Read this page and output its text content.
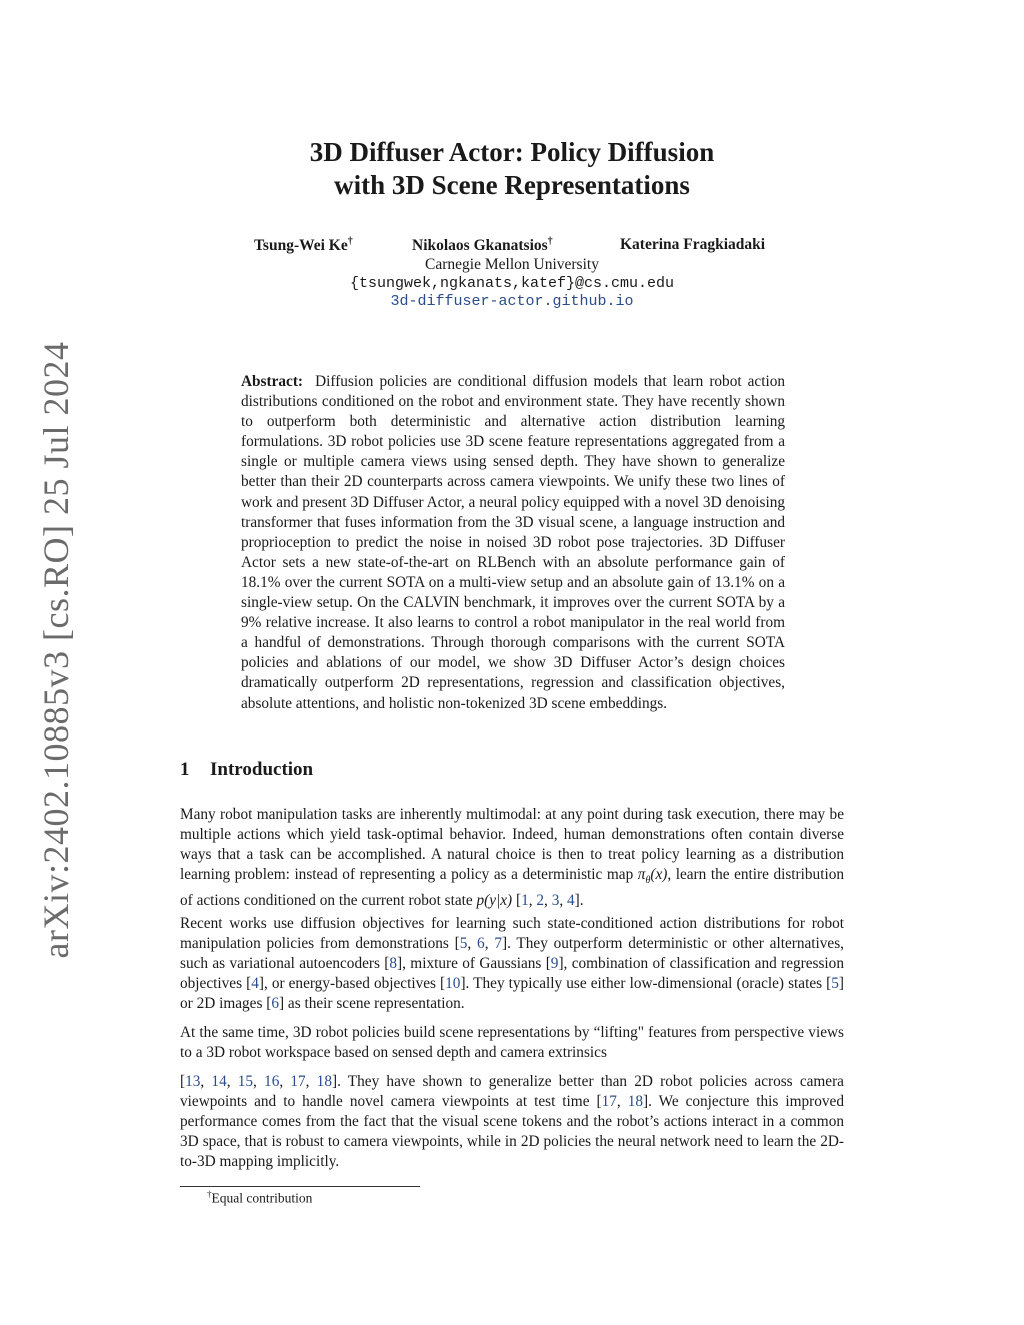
arXiv:2402.10885v3 [cs.RO] 25 Jul 2024
3D Diffuser Actor: Policy Diffusion
with 3D Scene Representations
Tsung-Wei Ke†	Nikolaos Gkanatsios†	Katerina Fragkiadaki
Carnegie Mellon University
{tsungwek,ngkanats,katef}@cs.cmu.edu
3d-diffuser-actor.github.io
Abstract: Diffusion policies are conditional diffusion models that learn robot action distributions conditioned on the robot and environment state. They have recently shown to outperform both deterministic and alternative action distribution learning formulations. 3D robot policies use 3D scene feature representations aggregated from a single or multiple camera views using sensed depth. They have shown to generalize better than their 2D counterparts across camera viewpoints. We unify these two lines of work and present 3D Diffuser Actor, a neural policy equipped with a novel 3D denoising transformer that fuses information from the 3D visual scene, a language instruction and proprioception to predict the noise in noised 3D robot pose trajectories. 3D Diffuser Actor sets a new state-of-the-art on RLBench with an absolute performance gain of 18.1% over the current SOTA on a multi-view setup and an absolute gain of 13.1% on a single-view setup. On the CALVIN benchmark, it improves over the current SOTA by a 9% relative increase. It also learns to control a robot manipulator in the real world from a handful of demonstrations. Through thorough comparisons with the current SOTA policies and ablations of our model, we show 3D Diffuser Actor’s design choices dramatically outperform 2D representations, regression and classification objectives, absolute attentions, and holistic non-tokenized 3D scene embeddings.
1 Introduction

Many robot manipulation tasks are inherently multimodal: at any point during task execution, there may be multiple actions which yield task-optimal behavior. Indeed, human demonstrations often contain diverse ways that a task can be accomplished. A natural choice is then to treat policy learning as a distribution learning problem: instead of representing a policy as a deterministic map $\pi_\theta(x)$, learn the entire distribution of actions conditioned on the current robot state p(y|x) [1, 2, 3, 4].

Recent works use diffusion objectives for learning such state-conditioned action distributions for robot manipulation policies from demonstrations [5, 6, 7]. They outperform deterministic or other alternatives, such as variational autoencoders [8], mixture of Gaussians [9], combination of classification and regression objectives [4], or energy-based objectives [10]. They typically use either low-dimensional (oracle) states [5] or 2D images [6] as their scene representation.

At the same time, 3D robot policies build scene representations by “lifting" features from perspective views to a 3D robot workspace based on sensed depth and camera extrinsics

[13, 14, 15, 16, 17, 18]. They have shown to generalize better than 2D robot policies across camera viewpoints and to handle novel camera viewpoints at test time [17, 18]. We conjecture this improved performance comes from the fact that the visual scene tokens and the robot’s actions interact in a common 3D space, that is robust to camera viewpoints, while in 2D policies the neural network need to learn the 2D-to-3D mapping implicitly.

†Equal contribution
